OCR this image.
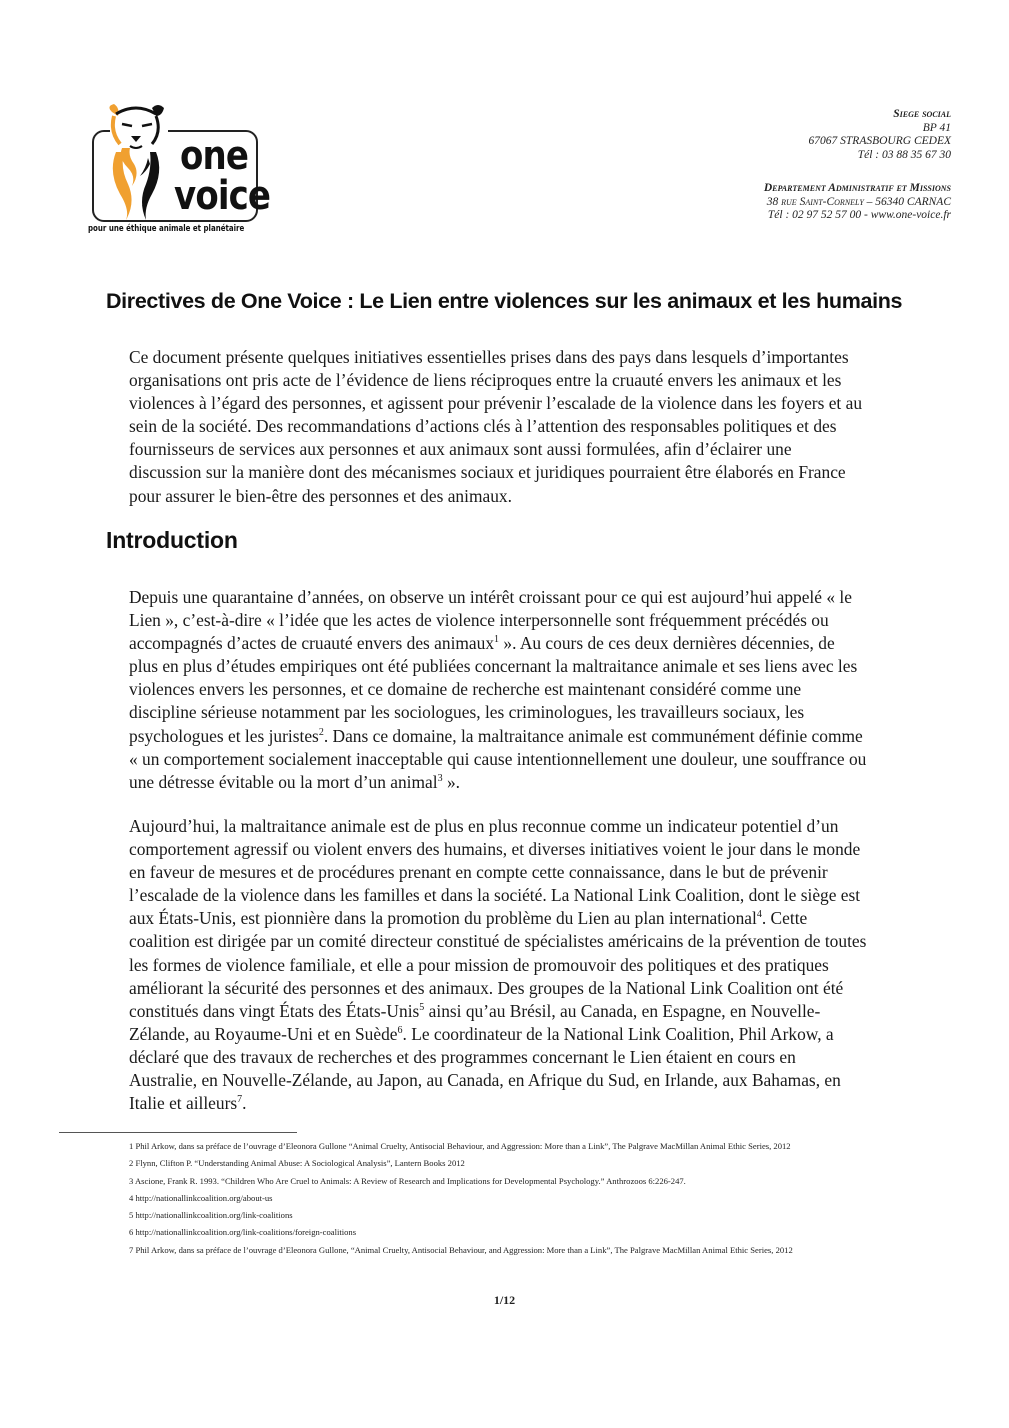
one
voice
pour une éthique animale et planétaire
Siege social
BP 41
67067 STRASBOURG CEDEX
Tél : 03 88 35 67 30
Departement Administratif et Missions
38 rue Saint-Cornely – 56340 CARNAC
Tél : 02 97 52 57 00 - www.one-voice.fr
Directives de One Voice : Le Lien entre violences sur les animaux et les humains
Ce document présente quelques initiatives essentielles prises dans des pays dans lesquels d’importantes
organisations ont pris acte de l’évidence de liens réciproques entre la cruauté envers les animaux et les
violences à l’égard des personnes, et agissent pour prévenir l’escalade de la violence dans les foyers et au
sein de la société. Des recommandations d’actions clés à l’attention des responsables politiques et des
fournisseurs de services aux personnes et aux animaux sont aussi formulées, afin d’éclairer une
discussion sur la manière dont des mécanismes sociaux et juridiques pourraient être élaborés en France
pour assurer le bien-être des personnes et des animaux.
Introduction
Depuis une quarantaine d’années, on observe un intérêt croissant pour ce qui est aujourd’hui appelé « le
Lien », c’est-à-dire « l’idée que les actes de violence interpersonnelle sont fréquemment précédés ou
accompagnés d’actes de cruauté envers des animaux$^1$ ». Au cours de ces deux dernières décennies, de
plus en plus d’études empiriques ont été publiées concernant la maltraitance animale et ses liens avec les
violences envers les personnes, et ce domaine de recherche est maintenant considéré comme une
discipline sérieuse notamment par les sociologues, les criminologues, les travailleurs sociaux, les
psychologues et les juristes$^2$. Dans ce domaine, la maltraitance animale est communément définie comme
« un comportement socialement inacceptable qui cause intentionnellement une douleur, une souffrance ou
une détresse évitable ou la mort d’un animal$^3$ ».
Aujourd’hui, la maltraitance animale est de plus en plus reconnue comme un indicateur potentiel d’un
comportement agressif ou violent envers des humains, et diverses initiatives voient le jour dans le monde
en faveur de mesures et de procédures prenant en compte cette connaissance, dans le but de prévenir
l’escalade de la violence dans les familles et dans la société. La National Link Coalition, dont le siège est
aux États-Unis, est pionnière dans la promotion du problème du Lien au plan international$^4$. Cette
coalition est dirigée par un comité directeur constitué de spécialistes américains de la prévention de toutes
les formes de violence familiale, et elle a pour mission de promouvoir des politiques et des pratiques
améliorant la sécurité des personnes et des animaux. Des groupes de la National Link Coalition ont été
constitués dans vingt États des États-Unis$^5$ ainsi qu’au Brésil, au Canada, en Espagne, en Nouvelle-
Zélande, au Royaume-Uni et en Suède$^6$. Le coordinateur de la National Link Coalition, Phil Arkow, a
déclaré que des travaux de recherches et des programmes concernant le Lien étaient en cours en
Australie, en Nouvelle-Zélande, au Japon, au Canada, en Afrique du Sud, en Irlande, aux Bahamas, en
Italie et ailleurs$^7$.
1 Phil Arkow, dans sa préface de l’ouvrage d’Eleonora Gullone “Animal Cruelty, Antisocial Behaviour, and Aggression: More than a Link”, The Palgrave MacMillan Animal Ethic Series, 2012
2 Flynn, Clifton P. “Understanding Animal Abuse: A Sociological Analysis”, Lantern Books 2012
3 Ascione, Frank R. 1993. “Children Who Are Cruel to Animals: A Review of Research and Implications for Developmental Psychology.” Anthrozoos 6:226-247.
4 http://nationallinkcoalition.org/about-us
5 http://nationallinkcoalition.org/link-coalitions
6 http://nationallinkcoalition.org/link-coalitions/foreign-coalitions
7 Phil Arkow, dans sa préface de l’ouvrage d’Eleonora Gullone, “Animal Cruelty, Antisocial Behaviour, and Aggression: More than a Link”, The Palgrave MacMillan Animal Ethic Series, 2012
1/12
